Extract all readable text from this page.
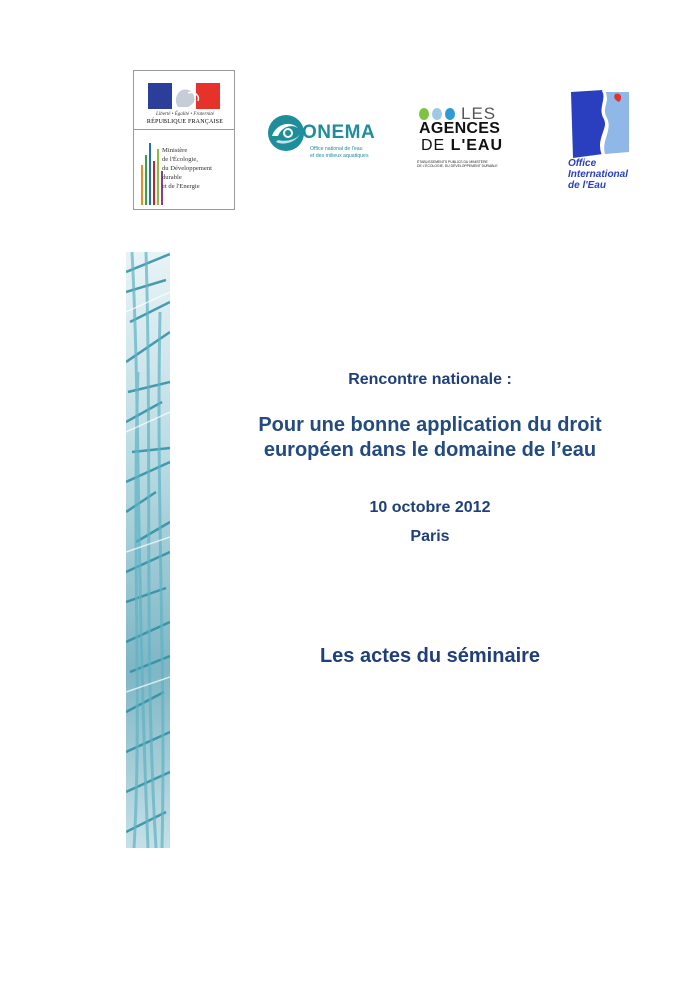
Liberté • Égalité • Fraternité
RÉPUBLIQUE FRANÇAISE
Ministère
de l'Écologie,
du Développement
durable
et de l'Energie
ONEMA
Office national de l'eau
et des milieux aquatiques
LES
AGENCES
DE L'EAU
ÉTABLISSEMENTS PUBLICS DU MINISTÈRE
DE L'ÉCOLOGIE, DU DÉVELOPPEMENT DURABLE	Office
International
de l'Eau
Rencontre nationale :
Pour une bonne application du droit
européen dans le domaine de l’eau
10 octobre 2012
Paris
Les actes du séminaire
